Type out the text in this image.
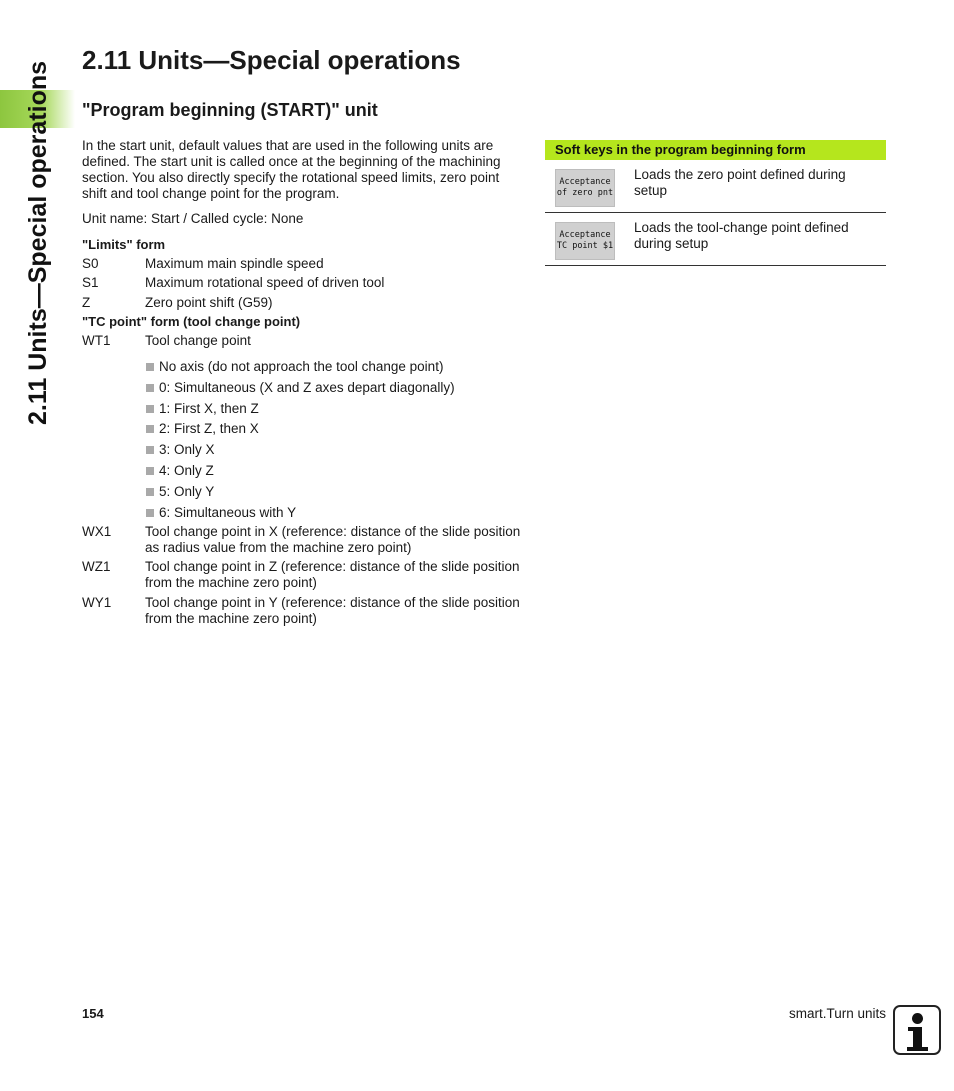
2.11 Units—Special operations
2.11 Units—Special operations
"Program beginning (START)" unit
In the start unit, default values that are used in the following units are defined. The start unit is called once at the beginning of the machining section. You also directly specify the rotational speed limits, zero point shift and tool change point for the program.
Unit name: Start / Called cycle: None
"Limits" form
S0	Maximum main spindle speed
S1	Maximum rotational speed of driven tool
Z	Zero point shift (G59)
"TC point" form (tool change point)
WT1	Tool change point
No axis (do not approach the tool change point)
0: Simultaneous (X and Z axes depart diagonally)
1: First X, then Z
2: First Z, then X
3: Only X
4: Only Z
5: Only Y
6: Simultaneous with Y
WX1 Tool change point in X (reference: distance of the slide position as radius value from the machine zero point)
WZ1	Tool change point in Z (reference: distance of the slide position from the machine zero point)
WY1 Tool change point in Y (reference: distance of the slide position from the machine zero point)
Soft keys in the program beginning form
Acceptance
of zero pnt
Loads the zero point defined during setup
Acceptance
TC point $1
Loads the tool-change point defined during setup
154	smart.Turn units
